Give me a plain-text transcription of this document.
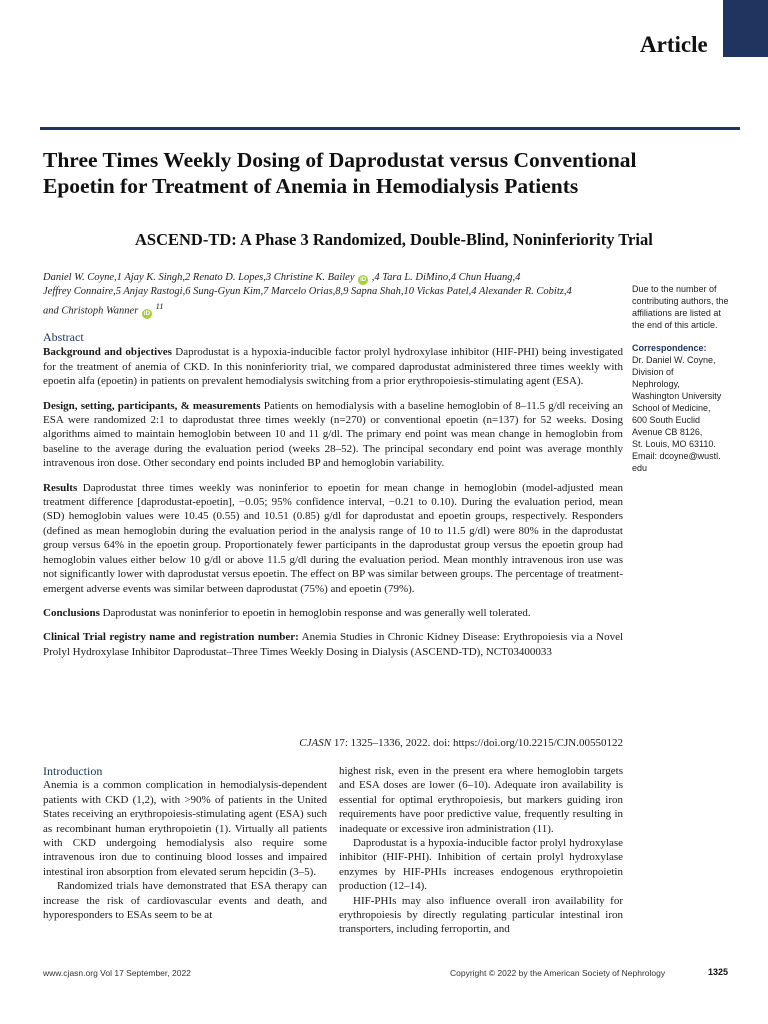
Article
Three Times Weekly Dosing of Daprodustat versus Conventional Epoetin for Treatment of Anemia in Hemodialysis Patients
ASCEND-TD: A Phase 3 Randomized, Double-Blind, Noninferiority Trial
Daniel W. Coyne,1 Ajay K. Singh,2 Renato D. Lopes,3 Christine K. Bailey iD ,4 Tara L. DiMino,4 Chun Huang,4
Jeffrey Connaire,5 Anjay Rastogi,6 Sung-Gyun Kim,7 Marcelo Orias,8,9 Sapna Shah,10 Vickas Patel,4 Alexander R. Cobitz,4
and Christoph Wanner iD $^{11}$

Due to the number of contributing authors, the affiliations are listed at the end of this article.

Correspondence:
Dr. Daniel W. Coyne,
Division of
Nephrology,
Washington University
School of Medicine,
600 South Euclid
Avenue CB 8126,
St. Louis, MO 63110.
Email: dcoyne@wustl.
edu
Abstract

Background and objectives Daprodustat is a hypoxia-inducible factor prolyl hydroxylase inhibitor (HIF-PHI) being investigated for the treatment of anemia of CKD. In this noninferiority trial, we compared daprodustat administered three times weekly with epoetin alfa (epoetin) in patients on prevalent hemodialysis switching from a prior erythropoiesis-stimulating agent (ESA).

Design, setting, participants, & measurements Patients on hemodialysis with a baseline hemoglobin of 8–11.5 g/dl receiving an ESA were randomized 2:1 to daprodustat three times weekly (n=270) or conventional epoetin (n=137) for 52 weeks. Dosing algorithms aimed to maintain hemoglobin between 10 and 11 g/dl. The primary end point was mean change in hemoglobin from baseline to the average during the evaluation period (weeks 28–52). The principal secondary end point was average monthly intravenous iron dose. Other secondary end points included BP and hemoglobin variability.

Results Daprodustat three times weekly was noninferior to epoetin for mean change in hemoglobin (model-adjusted mean treatment difference [daprodustat-epoetin], −0.05; 95% confidence interval, −0.21 to 0.10). During the evaluation period, mean (SD) hemoglobin values were 10.45 (0.55) and 10.51 (0.85) g/dl for daprodustat and epoetin groups, respectively. Responders (defined as mean hemoglobin during the evaluation period in the analysis range of 10 to 11.5 g/dl) were 80% in the daprodustat group versus 64% in the epoetin group. Proportionately fewer participants in the daprodustat group versus the epoetin group had hemoglobin values either below 10 g/dl or above 11.5 g/dl during the evaluation period. Mean monthly intravenous iron use was not significantly lower with daprodustat versus epoetin. The effect on BP was similar between groups. The percentage of treatment-emergent adverse events was similar between daprodustat (75%) and epoetin (79%).

Conclusions Daprodustat was noninferior to epoetin in hemoglobin response and was generally well tolerated.

Clinical Trial registry name and registration number: Anemia Studies in Chronic Kidney Disease: Erythropoiesis via a Novel Prolyl Hydroxylase Inhibitor Daprodustat–Three Times Weekly Dosing in Dialysis (ASCEND-TD), NCT03400033

CJASN 17: 1325–1336, 2022. doi: https://doi.org/10.2215/CJN.00550122
Introduction

Anemia is a common complication in hemodialysis-dependent patients with CKD (1,2), with >90% of patients in the United States receiving an erythropoiesis-stimulating agent (ESA) such as recombinant human erythropoietin (1). Virtually all patients with CKD undergoing hemodialysis also require some intravenous iron due to continuing blood losses and impaired intestinal iron absorption from elevated serum hepcidin (3–5).

Randomized trials have demonstrated that ESA therapy can increase the risk of cardiovascular events and death, and hyporesponders to ESAs seem to be at

highest risk, even in the present era where hemoglobin targets and ESA doses are lower (6–10). Adequate iron availability is essential for optimal erythropoiesis, but markers guiding iron requirements have poor predictive value, frequently resulting in inadequate or excessive iron administration (11).

Daprodustat is a hypoxia-inducible factor prolyl hydroxylase inhibitor (HIF-PHI). Inhibition of certain prolyl hydroxylase enzymes by HIF-PHIs increases endogenous erythropoietin production (12–14).

HIF-PHIs may also influence overall iron availability for erythropoiesis by directly regulating particular intestinal iron transporters, including ferroportin, and

www.cjasn.org Vol 17 September, 2022	Copyright © 2022 by the American Society of Nephrology	1325
